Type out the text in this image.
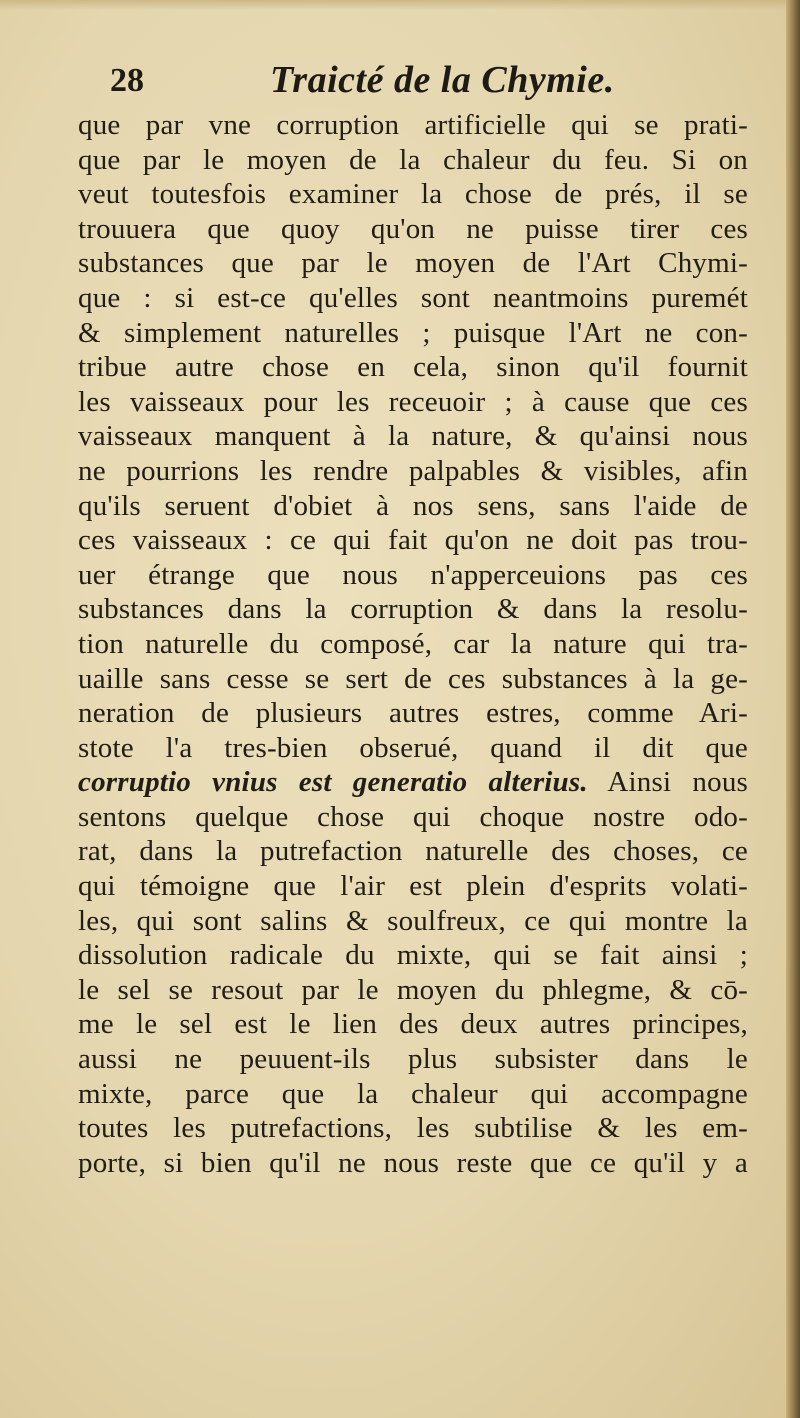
28	Traicté de la Chymie.
que par vne corruption artificielle qui se prati-
que par le moyen de la chaleur du feu. Si on
veut toutesfois examiner la chose de prés, il se
trouuera que quoy qu'on ne puisse tirer ces
substances que par le moyen de l'Art Chymi-
que : si est-ce qu'elles sont neantmoins puremét
& simplement naturelles ; puisque l'Art ne con-
tribue autre chose en cela, sinon qu'il fournit
les vaisseaux pour les receuoir ; à cause que ces
vaisseaux manquent à la nature, & qu'ainsi nous
ne pourrions les rendre palpables & visibles, afin
qu'ils seruent d'obiet à nos sens, sans l'aide de
ces vaisseaux : ce qui fait qu'on ne doit pas trou-
uer étrange que nous n'apperceuions pas ces
substances dans la corruption & dans la resolu-
tion naturelle du composé, car la nature qui tra-
uaille sans cesse se sert de ces substances à la ge-
neration de plusieurs autres estres, comme Ari-
stote l'a tres-bien obserué, quand il dit que
corruptio vnius est generatio alterius. Ainsi nous
sentons quelque chose qui choque nostre odo-
rat, dans la putrefaction naturelle des choses, ce
qui témoigne que l'air est plein d'esprits volati-
les, qui sont salins & soulfreux, ce qui montre la
dissolution radicale du mixte, qui se fait ainsi ;
le sel se resout par le moyen du phlegme, & cō-
me le sel est le lien des deux autres principes,
aussi ne peuuent-ils plus subsister dans le
mixte, parce que la chaleur qui accompagne
toutes les putrefactions, les subtilise & les em-
porte, si bien qu'il ne nous reste que ce qu'il y a
